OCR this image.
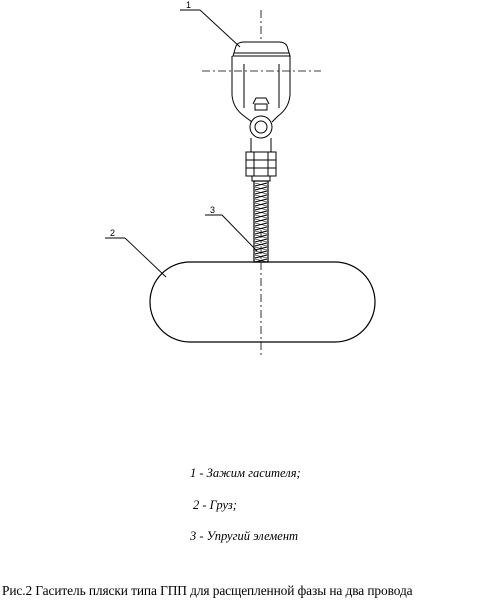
1
3
2
1 - Зажим гасителя;
2 - Груз;
3 - Упругий элемент
Рис.2 Гаситель пляски типа ГПП для расщепленной фазы на два провода
